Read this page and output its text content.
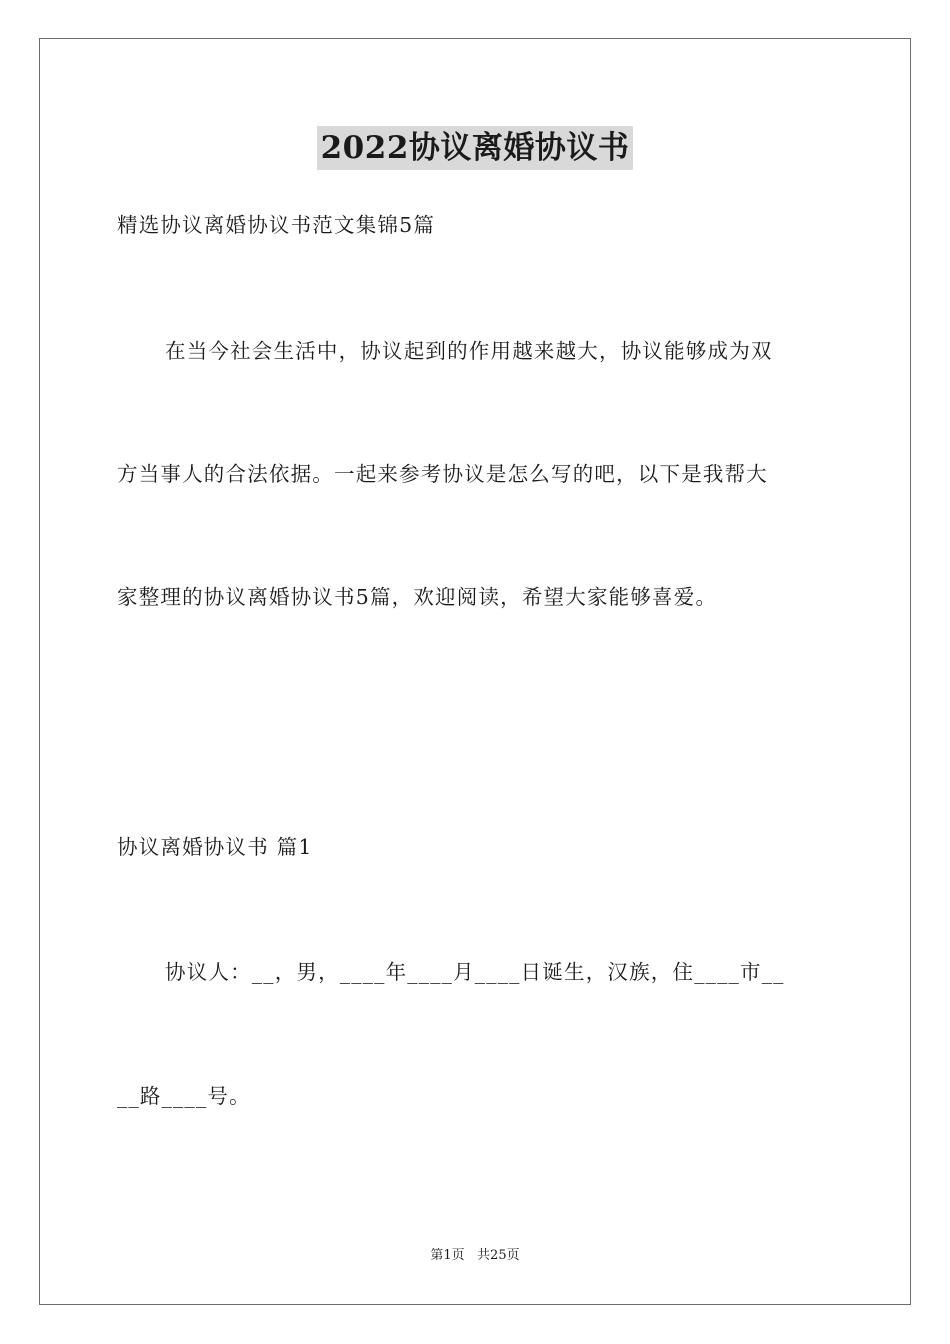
2022协议离婚协议书
精选协议离婚协议书范文集锦5篇
在当今社会生活中，协议起到的作用越来越大，协议能够成为双
方当事人的合法依据。一起来参考协议是怎么写的吧，以下是我帮大
家整理的协议离婚协议书5篇，欢迎阅读，希望大家能够喜爱。
协议离婚协议书 篇1
协议人：__，男，____年____月____日诞生，汉族，住____市__
__路____号。
第1页   共25页
